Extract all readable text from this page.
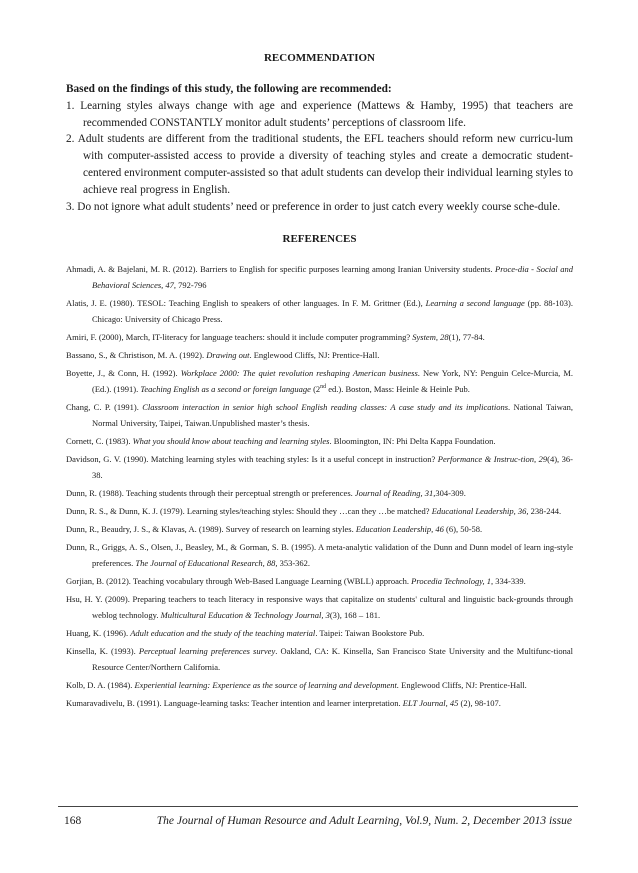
RECOMMENDATION

Based on the findings of this study, the following are recommended:

1. Learning styles always change with age and experience (Mattews & Hamby, 1995) that teachers are recommended CONSTANTLY monitor adult students’ perceptions of classroom life.
2. Adult students are different from the traditional students, the EFL teachers should reform new curricu-lum with computer-assisted access to provide a diversity of teaching styles and create a democratic student-centered environment computer-assisted so that adult students can develop their individual learning styles to achieve real progress in English.
3. Do not ignore what adult students’ need or preference in order to just catch every weekly course sche-dule.
REFERENCES
Ahmadi, A. & Bajelani, M. R. (2012). Barriers to English for specific purposes learning among Iranian University students. Proce-dia - Social and Behavioral Sciences, 47, 792-796
Alatis, J. E. (1980). TESOL: Teaching English to speakers of other languages. In F. M. Grittner (Ed.), Learning a second language (pp. 88-103). Chicago: University of Chicago Press.
Amiri, F. (2000), March, IT-literacy for language teachers: should it include computer programming? System, 28(1), 77-84.
Bassano, S., & Christison, M. A. (1992). Drawing out. Englewood Cliffs, NJ: Prentice-Hall.
Boyette, J., & Conn, H. (1992). Workplace 2000: The quiet revolution reshaping American business. New York, NY: Penguin Celce-Murcia, M. (Ed.). (1991). Teaching English as a second or foreign language (2nd ed.). Boston, Mass: Heinle & Heinle Pub.
Chang, C. P. (1991). Classroom interaction in senior high school English reading classes: A case study and its implications. National Taiwan, Normal University, Taipei, Taiwan.Unpublished master’s thesis.
Cornett, C. (1983). What you should know about teaching and learning styles. Bloomington, IN: Phi Delta Kappa Foundation.
Davidson, G. V. (1990). Matching learning styles with teaching styles: Is it a useful concept in instruction? Performance & Instruc-tion, 29(4), 36-38.
Dunn, R. (1988). Teaching students through their perceptual strength or preferences. Journal of Reading, 31,304-309.
Dunn, R. S., & Dunn, K. J. (1979). Learning styles/teaching styles: Should they …can they …be matched? Educational Leadership, 36, 238-244.
Dunn, R., Beaudry, J. S., & Klavas, A. (1989). Survey of research on learning styles. Education Leadership, 46 (6), 50-58.
Dunn, R., Griggs, A. S., Olsen, J., Beasley, M., & Gorman, S. B. (1995). A meta-analytic validation of the Dunn and Dunn model of learn ing-style preferences. The Journal of Educational Research, 88, 353-362.
Gorjian, B. (2012). Teaching vocabulary through Web-Based Language Learning (WBLL) approach. Procedia Technology, 1, 334-339.
Hsu, H. Y. (2009). Preparing teachers to teach literacy in responsive ways that capitalize on students' cultural and linguistic back-grounds through weblog technology. Multicultural Education & Technology Journal, 3(3), 168 – 181.
Huang, K. (1996). Adult education and the study of the teaching material. Taipei: Taiwan Bookstore Pub.
Kinsella, K. (1993). Perceptual learning preferences survey. Oakland, CA: K. Kinsella, San Francisco State University and the Multifunc-tional Resource Center/Northern California.
Kolb, D. A. (1984). Experiential learning: Experience as the source of learning and development. Englewood Cliffs, NJ: Prentice-Hall.
Kumaravadivelu, B. (1991). Language-learning tasks: Teacher intention and learner interpretation. ELT Journal, 45 (2), 98-107.
168	The Journal of Human Resource and Adult Learning, Vol.9, Num. 2, December 2013 issue
